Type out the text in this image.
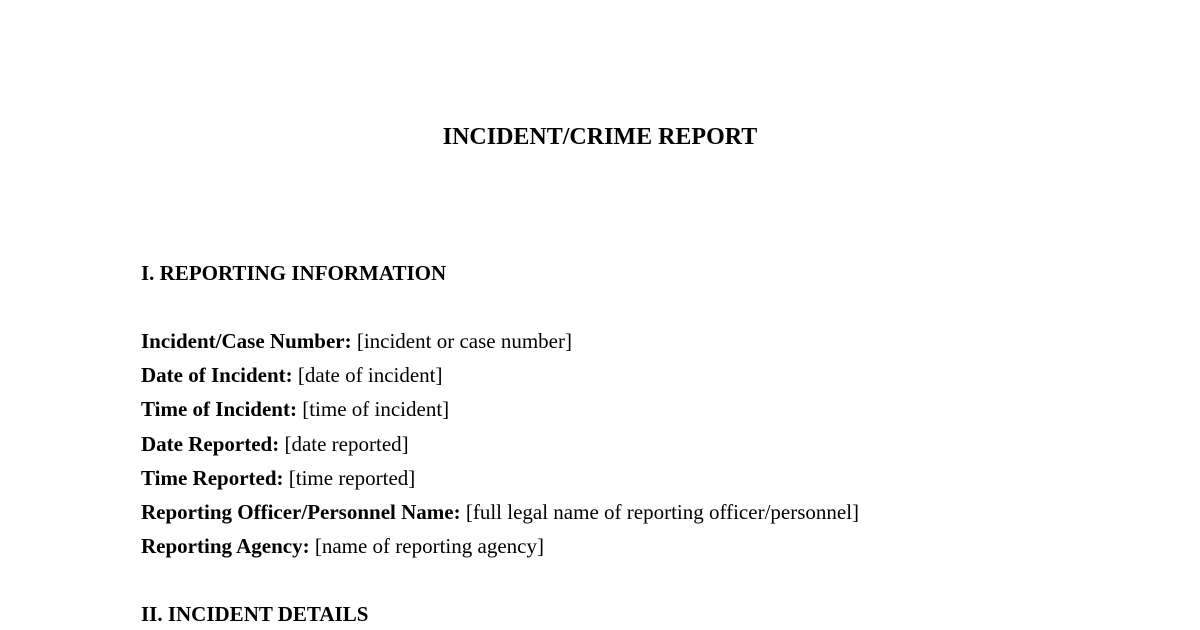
INCIDENT/CRIME REPORT
I. REPORTING INFORMATION
Incident/Case Number: [incident or case number]
Date of Incident: [date of incident]
Time of Incident: [time of incident]
Date Reported: [date reported]
Time Reported: [time reported]
Reporting Officer/Personnel Name: [full legal name of reporting officer/personnel]
Reporting Agency: [name of reporting agency]
II. INCIDENT DETAILS
